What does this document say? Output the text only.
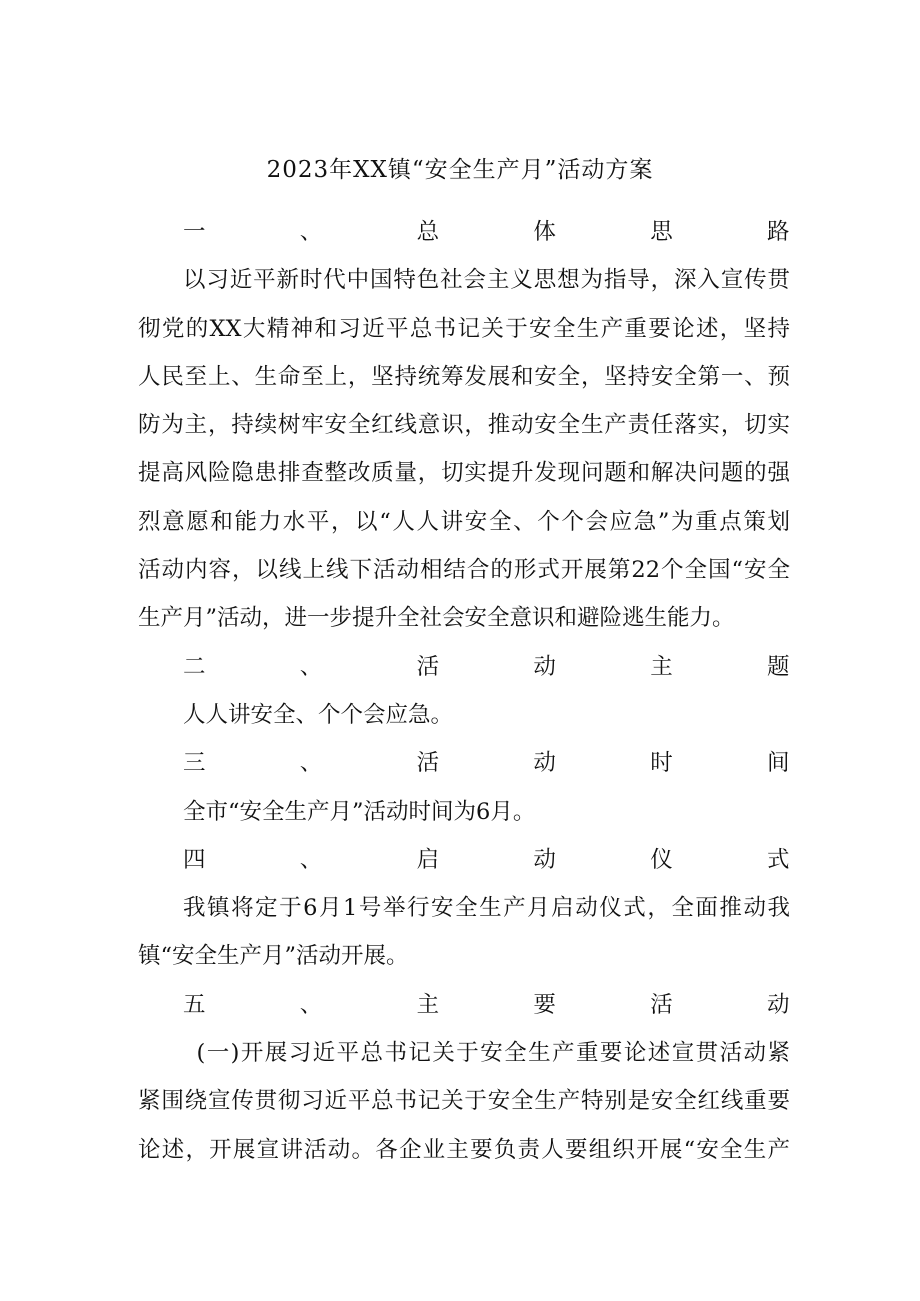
2023年XX镇“安全生产月”活动方案
一、总体思路
以习近平新时代中国特色社会主义思想为指导，深入宣传贯
彻党的XX大精神和习近平总书记关于安全生产重要论述，坚持
人民至上、生命至上，坚持统筹发展和安全，坚持安全第一、预
防为主，持续树牢安全红线意识，推动安全生产责任落实，切实
提高风险隐患排查整改质量，切实提升发现问题和解决问题的强
烈意愿和能力水平，以“人人讲安全、个个会应急”为重点策划
活动内容，以线上线下活动相结合的形式开展第22个全国“安全
生产月”活动，进一步提升全社会安全意识和避险逃生能力。
二、活动主题
人人讲安全、个个会应急。
三、活动时间
全市“安全生产月”活动时间为6月。
四、启动仪式
我镇将定于6月1号举行安全生产月启动仪式，全面推动我
镇“安全生产月”活动开展。
五、主要活动
(一)开展习近平总书记关于安全生产重要论述宣贯活动紧
紧围绕宣传贯彻习近平总书记关于安全生产特别是安全红线重要
论述，开展宣讲活动。各企业主要负责人要组织开展“安全生产
